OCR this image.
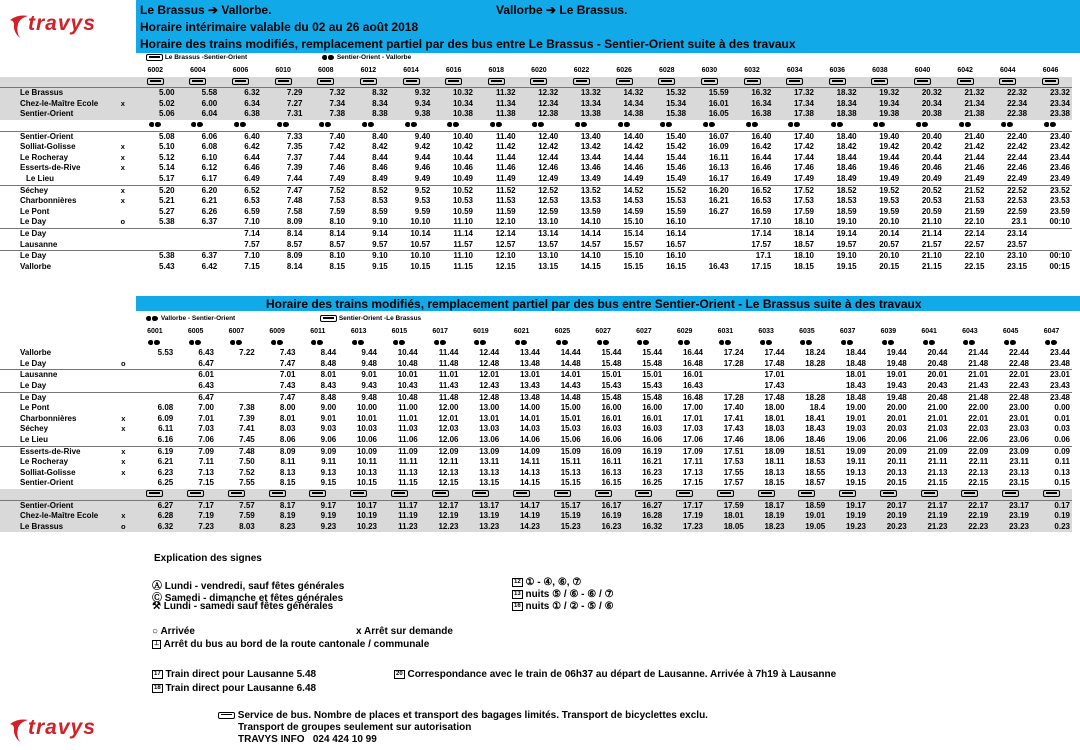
travys
Le Brassus ➔ Vallorbe.	Vallorbe ➔ Le Brassus.
Horaire intérimaire valable du 02 au 26 août 2018
Horaire des trains modifiés, remplacement partiel par des bus entre Le Brassus - Sentier-Orient suite à des travaux
Le Brassus -Sentier-Orient	Sentier-Orient - Vallorbe
		6002	6004	6006	6010	6008	6012	6014	6016	6018	6020	6022	6026	6028	6030	6032	6034	6036	6038	6040	6042	6044	6046

Le Brassus		5.00	5.58	6.32	7.29	7.32	8.32	9.32	10.32	11.32	12.32	13.32	14.32	15.32	15.59	16.32	17.32	18.32	19.32	20.32	21.32	22.32	23.32
Chez-le-Maître Ecole	x	5.02	6.00	6.34	7.27	7.34	8.34	9.34	10.34	11.34	12.34	13.34	14.34	15.34	16.01	16.34	17.34	18.34	19.34	20.34	21.34	22.34	23.34
Sentier-Orient		5.06	6.04	6.38	7.31	7.38	8.38	9.38	10.38	11.38	12.38	13.38	14.38	15.38	16.05	16.38	17.38	18.38	19.38	20.38	21.38	22.38	23.38

Sentier-Orient		5.08	6.06	6.40	7.33	7.40	8.40	9.40	10.40	11.40	12.40	13.40	14.40	15.40	16.07	16.40	17.40	18.40	19.40	20.40	21.40	22.40	23.40
Solliat-Golisse	x	5.10	6.08	6.42	7.35	7.42	8.42	9.42	10.42	11.42	12.42	13.42	14.42	15.42	16.09	16.42	17.42	18.42	19.42	20.42	21.42	22.42	23.42
Le Rocheray	x	5.12	6.10	6.44	7.37	7.44	8.44	9.44	10.44	11.44	12.44	13.44	14.44	15.44	16.11	16.44	17.44	18.44	19.44	20.44	21.44	22.44	23.44
Esserts-de-Rive	x	5.14	6.12	6.46	7.39	7.46	8.46	9.46	10.46	11.46	12.46	13.46	14.46	15.46	16.13	16.46	17.46	18.46	19.46	20.46	21.46	22.46	23.46
Le Lieu		5.17	6.17	6.49	7.44	7.49	8.49	9.49	10.49	11.49	12.49	13.49	14.49	15.49	16.17	16.49	17.49	18.49	19.49	20.49	21.49	22.49	23.49
Séchey	x	5.20	6.20	6.52	7.47	7.52	8.52	9.52	10.52	11.52	12.52	13.52	14.52	15.52	16.20	16.52	17.52	18.52	19.52	20.52	21.52	22.52	23.52
Charbonnières	x	5.21	6.21	6.53	7.48	7.53	8.53	9.53	10.53	11.53	12.53	13.53	14.53	15.53	16.21	16.53	17.53	18.53	19.53	20.53	21.53	22.53	23.53
Le Pont		5.27	6.26	6.59	7.58	7.59	8.59	9.59	10.59	11.59	12.59	13.59	14.59	15.59	16.27	16.59	17.59	18.59	19.59	20.59	21.59	22.59	23.59
Le Day	o	5.38	6.37	7.10	8.09	8.10	9.10	10.10	11.10	12.10	13.10	14.10	15.10	16.10		17.10	18.10	19.10	20.10	21.10	22.10	23.1	00:10
Le Day				7.14	8.14	8.14	9.14	10.14	11.14	12.14	13.14	14.14	15.14	16.14		17.14	18.14	19.14	20.14	21.14	22.14	23.14	
Lausanne				7.57	8.57	8.57	9.57	10.57	11.57	12.57	13.57	14.57	15.57	16.57		17.57	18.57	19.57	20.57	21.57	22.57	23.57	
Le Day		5.38	6.37	7.10	8.09	8.10	9.10	10.10	11.10	12.10	13.10	14.10	15.10	16.10		17.1	18.10	19.10	20.10	21.10	22.10	23.10	00:10
Vallorbe		5.43	6.42	7.15	8.14	8.15	9.15	10.15	11.15	12.15	13.15	14.15	15.15	16.15	16.43	17.15	18.15	19.15	20.15	21.15	22.15	23.15	00:15
Horaire des trains modifiés, remplacement partiel par des bus entre Sentier-Orient - Le Brassus suite à des travaux
Vallorbe - Sentier-Orient	Sentier-Orient -Le Brassus
		6001	6005	6007	6009	6011	6013	6015	6017	6019	6021	6025	6027	6027	6029	6031	6033	6035	6037	6039	6041	6043	6045	6047

Vallorbe		5.53	6.43	7.22	7.43	8.44	9.44	10.44	11.44	12.44	13.44	14.44	15.44	15.44	16.44	17.24	17.44	18.24	18.44	19.44	20.44	21.44	22.44	23.44
Le Day	o		6.47		7.47	8.48	9.48	10.48	11.48	12.48	13.48	14.48	15.48	15.48	16.48	17.28	17.48	18.28	18.48	19.48	20.48	21.48	22.48	23.48
Lausanne			6.01		7.01	8.01	9.01	10.01	11.01	12.01	13.01	14.01	15.01	15.01	16.01		17.01		18.01	19.01	20.01	21.01	22.01	23.01
Le Day			6.43		7.43	8.43	9.43	10.43	11.43	12.43	13.43	14.43	15.43	15.43	16.43		17.43		18.43	19.43	20.43	21.43	22.43	23.43
Le Day			6.47		7.47	8.48	9.48	10.48	11.48	12.48	13.48	14.48	15.48	15.48	16.48	17.28	17.48	18.28	18.48	19.48	20.48	21.48	22.48	23.48
Le Pont		6.08	7.00	7.38	8.00	9.00	10.00	11.00	12.00	13.00	14.00	15.00	16.00	16.00	17.00	17.40	18.00	18.4	19.00	20.00	21.00	22.00	23.00	0.00
Charbonnières	x	6.09	7.01	7.39	8.01	9.01	10.01	11.01	12.01	13.01	14.01	15.01	16.01	16.01	17.01	17.41	18.01	18.41	19.01	20.01	21.01	22.01	23.01	0.01
Séchey	x	6.11	7.03	7.41	8.03	9.03	10.03	11.03	12.03	13.03	14.03	15.03	16.03	16.03	17.03	17.43	18.03	18.43	19.03	20.03	21.03	22.03	23.03	0.03
Le Lieu		6.16	7.06	7.45	8.06	9.06	10.06	11.06	12.06	13.06	14.06	15.06	16.06	16.06	17.06	17.46	18.06	18.46	19.06	20.06	21.06	22.06	23.06	0.06
Esserts-de-Rive	x	6.19	7.09	7.48	8.09	9.09	10.09	11.09	12.09	13.09	14.09	15.09	16.09	16.19	17.09	17.51	18.09	18.51	19.09	20.09	21.09	22.09	23.09	0.09
Le Rocheray	x	6.21	7.11	7.50	8.11	9.11	10.11	11.11	12.11	13.11	14.11	15.11	16.11	16.21	17.11	17.53	18.11	18.53	19.11	20.11	21.11	22.11	23.11	0.11
Solliat-Golisse	x	6.23	7.13	7.52	8.13	9.13	10.13	11.13	12.13	13.13	14.13	15.13	16.13	16.23	17.13	17.55	18.13	18.55	19.13	20.13	21.13	22.13	23.13	0.13
Sentier-Orient		6.25	7.15	7.55	8.15	9.15	10.15	11.15	12.15	13.15	14.15	15.15	16.15	16.25	17.15	17.57	18.15	18.57	19.15	20.15	21.15	22.15	23.15	0.15

Sentier-Orient		6.27	7.17	7.57	8.17	9.17	10.17	11.17	12.17	13.17	14.17	15.17	16.17	16.27	17.17	17.59	18.17	18.59	19.17	20.17	21.17	22.17	23.17	0.17
Chez-le-Maître Ecole	x	6.28	7.19	7.59	8.19	9.19	10.19	11.19	12.19	13.19	14.19	15.19	16.19	16.28	17.19	18.01	18.19	19.01	19.19	20.19	21.19	22.19	23.19	0.19
Le Brassus	o	6.32	7.23	8.03	8.23	9.23	10.23	11.23	12.23	13.23	14.23	15.23	16.23	16.32	17.23	18.05	18.23	19.05	19.23	20.23	21.23	22.23	23.23	0.23
Explication des signes
Ⓐ Lundi - vendredi, sauf fêtes générales
Ⓒ Samedi - dimanche et fêtes générales
⚒ Lundi - samedi sauf fêtes générales
12 ① - ④, ⑥, ⑦
13 nuits ⑤ / ⑥ - ⑥ / ⑦
16 nuits ① / ② - ⑤ / ⑥
○ Arrivée	x Arrêt sur demande
⊥ Arrêt du bus au bord de la route cantonale / communale
17 Train direct pour Lausanne 5.48
18 Train direct pour Lausanne 6.48
20 Correspondance avec le train de 06h37 au départ de Lausanne. Arrivée à 7h19 à Lausanne
Service de bus. Nombre de places et transport des bagages limités. Transport de bicyclettes exclu.
Transport de groupes seulement sur autorisation
TRAVYS INFO 024 424 10 99
travys
